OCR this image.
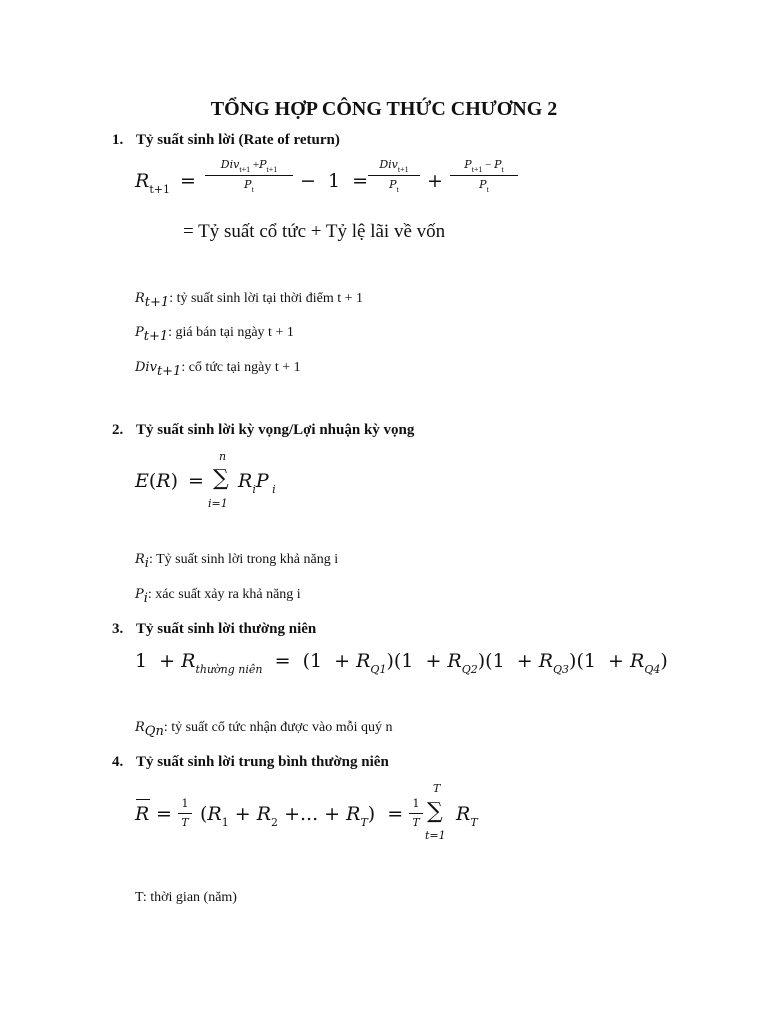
TỔNG HỢP CÔNG THỨC CHƯƠNG 2
1. Tỷ suất sinh lời (Rate of return)
$R_{t+1}$ =
$Div_{t+1} +P_{t+1}$
$P_t$	−  1  =
Div$_{t+1}$
$P_t$	+
$P_{t+1} - P_t$
$P_t$
= Tỷ suất cổ tức + Tỷ lệ lãi về vốn
Rt+1: tỷ suất sinh lời tại thời điểm t + 1
Pt+1: giá bán tại ngày t + 1
Divt+1: cổ tức tại ngày t + 1
2. Tỷ suất sinh lời kỳ vọng/Lợi nhuận kỳ vọng
E(R) =
n
∑
i=1
$R_iP$ $_i$
Ri: Tỷ suất sinh lời trong khả năng i
Pi: xác suất xảy ra khả năng i
3. Tỷ suất sinh lời thường niên
$1 + R_{thường niên} = (1 + R_{Q1})(1 + R_{Q2})(1 + R_{Q3})(1 + R_{Q4})$
RQn: tỷ suất cổ tức nhận được vào mỗi quý n
4. Tỷ suất sinh lời trung bình thường niên
R = 1
T ($R_1 + R_2$ +... + $R_T) = 1$
T
T
∑
t=1
$R_T$
T: thời gian (năm)
